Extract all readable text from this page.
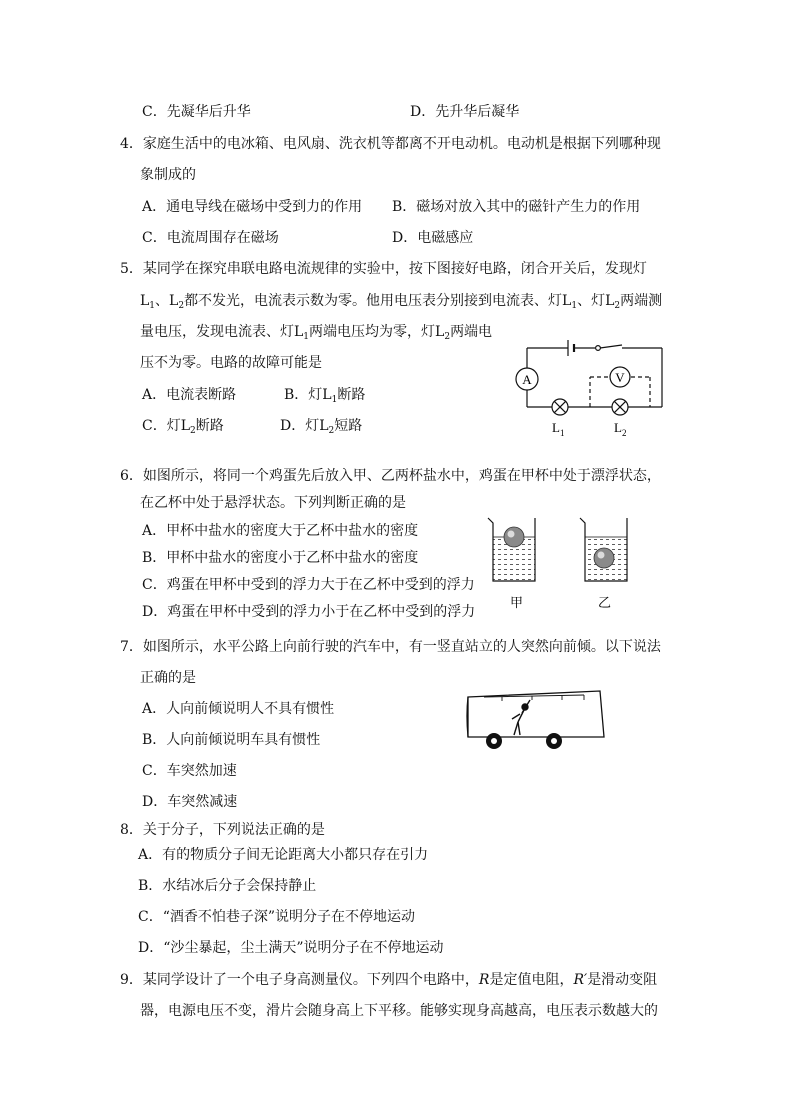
C．先凝华后升华	D．先升华后凝华
4．家庭生活中的电冰箱、电风扇、洗衣机等都离不开电动机。电动机是根据下列哪种现
象制成的
A．通电导线在磁场中受到力的作用 B．磁场对放入其中的磁针产生力的作用
C．电流周围存在磁场	D．电磁感应
5．某同学在探究串联电路电流规律的实验中，按下图接好电路，闭合开关后，发现灯
$L_1$、$L_2$都不发光，电流表示数为零。他用电压表分别接到电流表、灯$L_1$、灯$L_2$两端测
量电压，发现电流表、灯$L_1$两端电压均为零，灯$L_2$两端电
压不为零。电路的故障可能是
A．电流表断路	B．灯$L_1$断路
C．灯$L_2$断路	D．灯$L_2$短路
A	V
$L_1$	$L_2$
6．如图所示，将同一个鸡蛋先后放入甲、乙两杯盐水中，鸡蛋在甲杯中处于漂浮状态，
在乙杯中处于悬浮状态。下列判断正确的是
A．甲杯中盐水的密度大于乙杯中盐水的密度
B．甲杯中盐水的密度小于乙杯中盐水的密度
C．鸡蛋在甲杯中受到的浮力大于在乙杯中受到的浮力
D．鸡蛋在甲杯中受到的浮力小于在乙杯中受到的浮力
甲	乙
7．如图所示，水平公路上向前行驶的汽车中，有一竖直站立的人突然向前倾。以下说法
正确的是
A．人向前倾说明人不具有惯性
B．人向前倾说明车具有惯性
C．车突然加速
D．车突然减速
8．关于分子，下列说法正确的是
A．有的物质分子间无论距离大小都只存在引力
B．水结冰后分子会保持静止
C．“酒香不怕巷子深”说明分子在不停地运动
D．“沙尘暴起，尘土满天”说明分子在不停地运动
9．某同学设计了一个电子身高测量仪。下列四个电路中，R是定值电阻，R′是滑动变阻
器，电源电压不变，滑片会随身高上下平移。能够实现身高越高，电压表示数越大的
